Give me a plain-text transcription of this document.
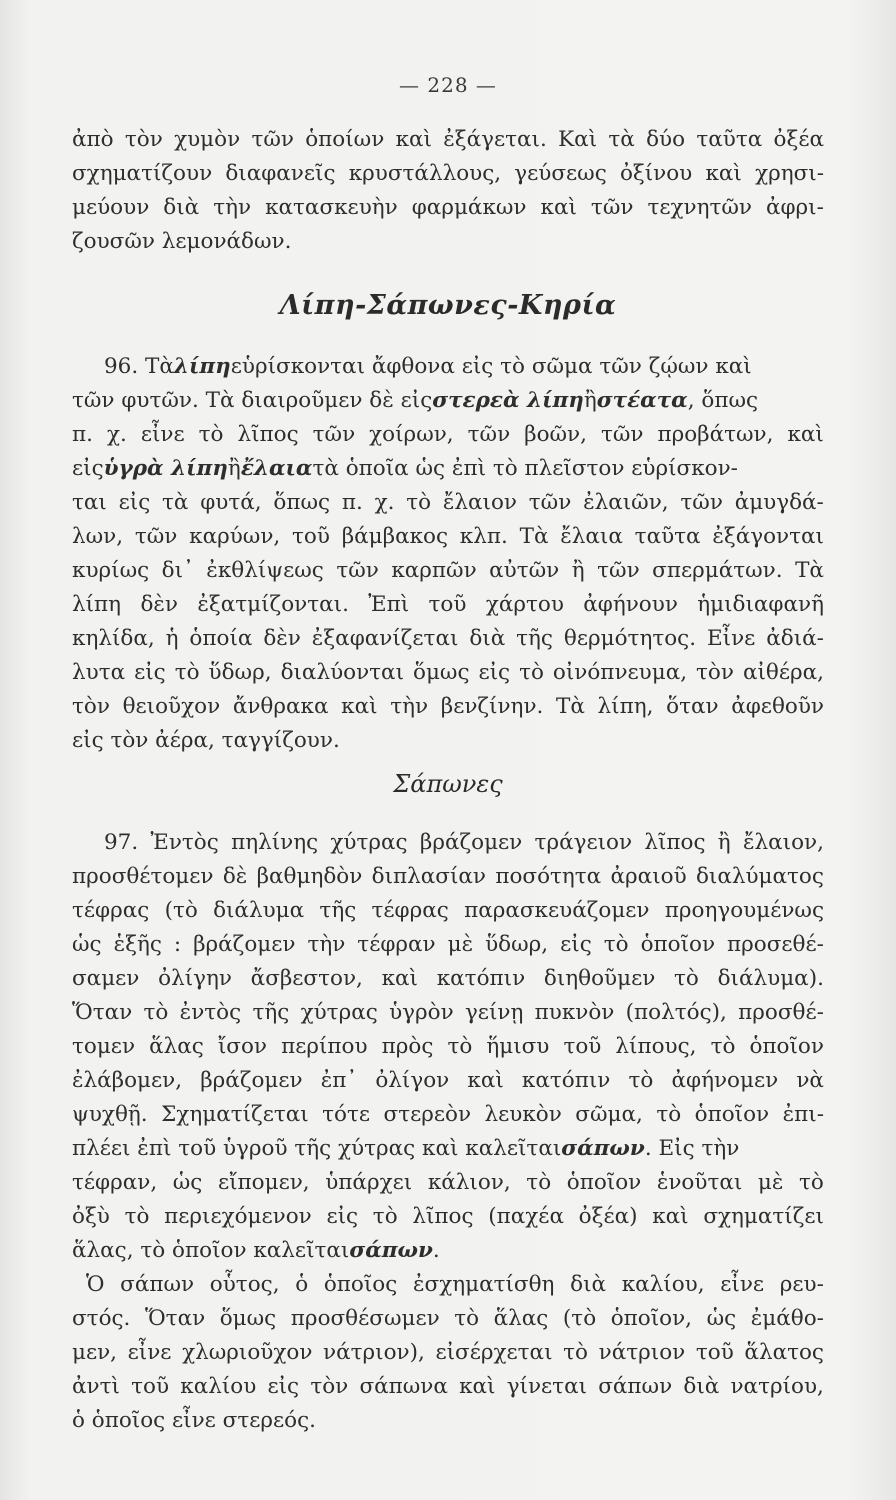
— 228 —
ἀπὸ τὸν χυμὸν τῶν ὁποίων καὶ ἐξάγεται. Καὶ τὰ δύο ταῦτα ὀξέα
σχηματίζουν διαφανεῖς κρυστάλλους, γεύσεως ὀξίνου καὶ χρησι-
μεύουν διὰ τὴν κατασκευὴν φαρμάκων καὶ τῶν τεχνητῶν ἀφρι-
ζουσῶν λεμονάδων.
Λίπη-Σάπωνες-Κηρία
96. Τὰλίπηεὑρίσκονται ἄφθονα εἰς τὸ σῶμα τῶν ζῴων καὶ
τῶν φυτῶν. Τὰ διαιροῦμεν δὲ εἰςστερεὰ λίπηἢστέατα, ὅπως
π. χ. εἶνε τὸ λῖπος τῶν χοίρων, τῶν βοῶν, τῶν προβάτων, καὶ
εἰςὑγρὰ λίπηἢἔλαιατὰ ὁποῖα ὡς ἐπὶ τὸ πλεῖστον εὑρίσκον-
ται εἰς τὰ φυτά, ὅπως π. χ. τὸ ἔλαιον τῶν ἐλαιῶν, τῶν ἀμυγδά-
λων, τῶν καρύων, τοῦ βάμβακος κλπ. Τὰ ἔλαια ταῦτα ἐξάγονται
κυρίως δι᾿ ἐκθλίψεως τῶν καρπῶν αὐτῶν ἢ τῶν σπερμάτων. Τὰ
λίπη δὲν ἐξατμίζονται. Ἐπὶ τοῦ χάρτου ἀφήνουν ἡμιδιαφανῆ
κηλίδα, ἡ ὁποία δὲν ἐξαφανίζεται διὰ τῆς θερμότητος. Εἶνε ἀδιά-
λυτα εἰς τὸ ὕδωρ, διαλύονται ὅμως εἰς τὸ οἰνόπνευμα, τὸν αἰθέρα,
τὸν θειοῦχον ἄνθρακα καὶ τὴν βενζίνην. Τὰ λίπη, ὅταν ἀφεθοῦν
εἰς τὸν ἀέρα, ταγγίζουν.
Σάπωνες
97. Ἐντὸς πηλίνης χύτρας βράζομεν τράγειον λῖπος ἢ ἔλαιον,
προσθέτομεν δὲ βαθμηδὸν διπλασίαν ποσότητα ἀραιοῦ διαλύματος
τέφρας (τὸ διάλυμα τῆς τέφρας παρασκευάζομεν προηγουμένως
ὡς ἑξῆς : βράζομεν τὴν τέφραν μὲ ὕδωρ, εἰς τὸ ὁποῖον προσεθέ-
σαμεν ὀλίγην ἄσβεστον, καὶ κατόπιν διηθοῦμεν τὸ διάλυμα).
Ὅταν τὸ ἐντὸς τῆς χύτρας ὑγρὸν γείνῃ πυκνὸν (πολτός), προσθέ-
τομεν ἅλας ἴσον περίπου πρὸς τὸ ἥμισυ τοῦ λίπους, τὸ ὁποῖον
ἐλάβομεν, βράζομεν ἐπ᾿ ὀλίγον καὶ κατόπιν τὸ ἀφήνομεν νὰ
ψυχθῇ. Σχηματίζεται τότε στερεὸν λευκὸν σῶμα, τὸ ὁποῖον ἐπι-
πλέει ἐπὶ τοῦ ὑγροῦ τῆς χύτρας καὶ καλεῖταισάπων. Εἰς τὴν
τέφραν, ὡς εἴπομεν, ὑπάρχει κάλιον, τὸ ὁποῖον ἑνοῦται μὲ τὸ
ὀξὺ τὸ περιεχόμενον εἰς τὸ λῖπος (παχέα ὀξέα) καὶ σχηματίζει
ἅλας, τὸ ὁποῖον καλεῖταισάπων.
Ὁ σάπων οὗτος, ὁ ὁποῖος ἐσχηματίσθη διὰ καλίου, εἶνε ρευ-
στός. Ὅταν ὅμως προσθέσωμεν τὸ ἅλας (τὸ ὁποῖον, ὡς ἐμάθο-
μεν, εἶνε χλωριοῦχον νάτριον), εἰσέρχεται τὸ νάτριον τοῦ ἅλατος
ἀντὶ τοῦ καλίου εἰς τὸν σάπωνα καὶ γίνεται σάπων διὰ νατρίου,
ὁ ὁποῖος εἶνε στερεός.
